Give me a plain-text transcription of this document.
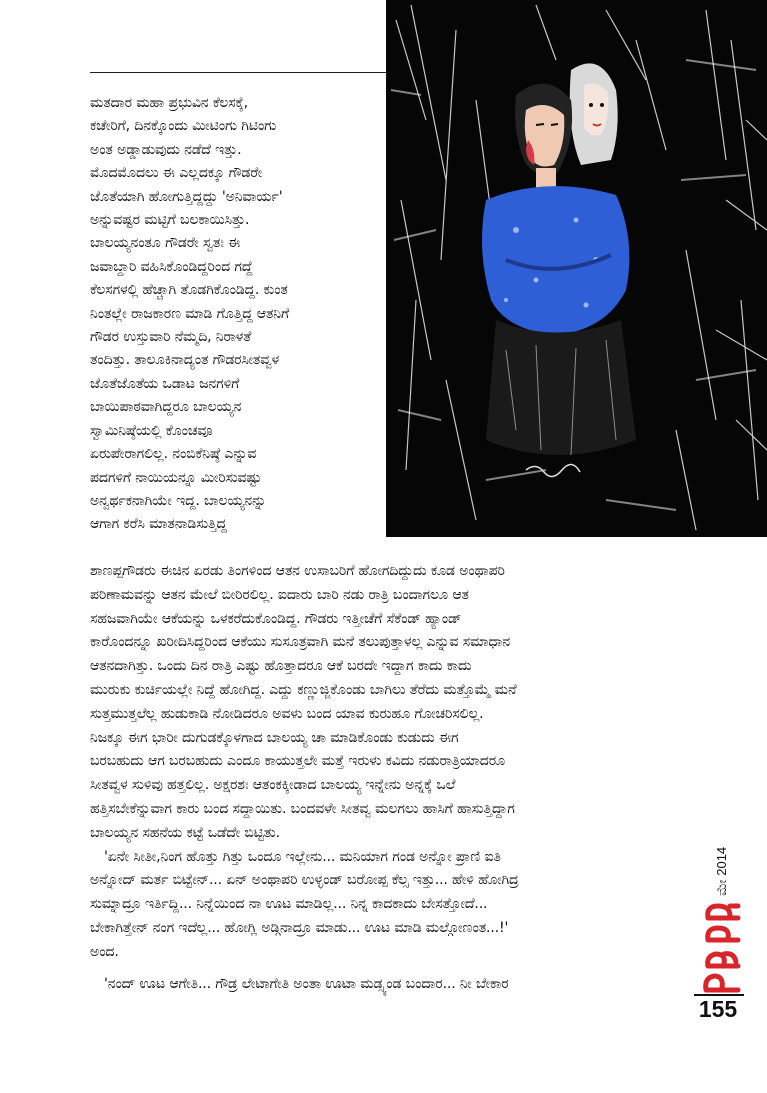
ಮತದಾರ ಮಹಾ ಪ್ರಭುವಿನ ಕೆಲಸಕ್ಕೆ,
ಕಚೇರಿಗೆ, ದಿನಕ್ಕೊಂದು ಮೀಟಿಂಗು ಗಿಟಿಂಗು
ಅಂತ ಅಡ್ಡಾಡುವುದು ನಡೆದೆ ಇತ್ತು.
ಮೊದಮೊದಲು ಈ ಎಲ್ಲದಕ್ಕೂ ಗೌಡರೇ
ಜೊತೆಯಾಗಿ ಹೋಗುತ್ತಿದ್ದದ್ದು 'ಅನಿವಾರ್ಯ'
ಅನ್ನುವಷ್ಟರ ಮಟ್ಟಿಗೆ ಬಲಕಾಯಿಸಿತ್ತು.
ಬಾಲಯ್ಯನಂತೂ ಗೌಡರೇ ಸ್ವತಃ ಈ
ಜವಾಬ್ದಾರಿ ವಹಿಸಿಕೊಂಡಿದ್ದರಿಂದ ಗದ್ದೆ
ಕೆಲಸಗಳಲ್ಲಿ ಹೆಚ್ಚಾಗಿ ತೊಡಗಿಕೊಂಡಿದ್ದ. ಕುಂತ
ನಿಂತಲ್ಲೇ ರಾಜಕಾರಣ ಮಾಡಿ ಗೊತ್ತಿದ್ದ ಆತನಿಗೆ
ಗೌಡರ ಉಸ್ತುವಾರಿ ನೆಮ್ಮದಿ, ನಿರಾಳತೆ
ತಂದಿತ್ತು. ತಾಲೂಕಿನಾದ್ಯಂತ ಗೌಡರಸೀತವ್ವಳ
ಜೊತೆಜೊತೆಯ ಒಡಾಟ ಜನಗಳಿಗೆ
ಬಾಯಿಪಾಠವಾಗಿದ್ದರೂ ಬಾಲಯ್ಯನ
ಸ್ವಾಮಿನಿಷ್ಠೆಯಲ್ಲಿ ಕೊಂಚವೂ
ಏರುಪೇರಾಗಲಿಲ್ಲ. ನಂಬಿಕೆನಿಷ್ಠೆ ಎನ್ನುವ
ಪದಗಳಿಗೆ ನಾಯಿಯನ್ನೂ ಮೀರಿಸುವಷ್ಟು
ಅನ್ವರ್ಥಕನಾಗಿಯೇ ಇದ್ದ. ಬಾಲಯ್ಯನನ್ನು
ಆಗಾಗ ಕರೆಸಿ ಮಾತನಾಡಿಸುತ್ತಿದ್ದ
ಶಾಣಪ್ಪಗೌಡರು ಈಚಿನ ಏರಡು ತಿಂಗಳಿಂದ ಆತನ ಉಸಾಬರಿಗೆ ಹೋಗದಿದ್ದುದು ಕೂಡ ಅಂಥಾಪರಿ
ಪರಿಣಾಮವನ್ನು ಆತನ ಮೇಲೆ ಬೀರಿರಲಿಲ್ಲ. ಐದಾರು ಬಾರಿ ನಡು ರಾತ್ರಿ ಬಂದಾಗಲೂ ಆತ
ಸಹಜವಾಗಿಯೇ ಆಕೆಯನ್ನು ಒಳಕರೆದುಕೊಂಡಿದ್ದ. ಗೌಡರು ಇತ್ತೀಚೆಗೆ ಸೆಕೆಂಡ್ ಹ್ಯಾಂಡ್
ಕಾರೊಂದನ್ನೂ ಖರೀದಿಸಿದ್ದರಿಂದ ಆಕೆಯು ಸುಸೂತ್ರವಾಗಿ ಮನೆ ತಲುಪುತ್ತಾಳಲ್ಲ ಎನ್ನುವ ಸಮಾಧಾನ
ಆತನದಾಗಿತ್ತು. ಒಂದು ದಿನ ರಾತ್ರಿ ಎಷ್ಟು ಹೊತ್ತಾದರೂ ಆಕೆ ಬರದೇ ಇದ್ದಾಗ ಕಾದು ಕಾದು
ಮುರುಕು ಕುರ್ಚಿಯಲ್ಲೇ ನಿದ್ದೆ ಹೋಗಿದ್ದ. ಎದ್ದು ಕಣ್ಣುಜ್ಜಿಕೊಂಡು ಬಾಗಿಲು ತೆರೆದು ಮತ್ತೊಮ್ಮೆ ಮನೆ
ಸುತ್ತಮುತ್ತಲೆಲ್ಲ ಹುಡುಕಾಡಿ ನೋಡಿದರೂ ಅವಳು ಬಂದ ಯಾವ ಕುರುಹೂ ಗೋಚರಿಸಲಿಲ್ಲ.
ನಿಜಕ್ಕೂ ಈಗ ಭಾರೀ ದುಗುಡಕ್ಕೊಳಗಾದ ಬಾಲಯ್ಯ ಚಾ ಮಾಡಿಕೊಂಡು ಕುಡುದು ಈಗ
ಬರಬಹುದು ಆಗ ಬರಬಹುದು ಎಂದೂ ಕಾಯುತ್ತಲೇ ಮತ್ತೆ ಇರುಳು ಕವಿದು ನಡುರಾತ್ರಿಯಾದರೂ
ಸೀತವ್ವಳ ಸುಳಿವು ಹತ್ತಲಿಲ್ಲ. ಅಕ್ಷರಶಃ ಆತಂಕಕ್ಕೀಡಾದ ಬಾಲಯ್ಯ ಇನ್ನೇನು ಅನ್ನಕ್ಕೆ ಒಲೆ
ಹತ್ತಿಸಬೇಕೆನ್ನುವಾಗ ಕಾರು ಬಂದ ಸದ್ದಾಯಿತು. ಬಂದವಳೇ ಸೀತವ್ವ ಮಲಗಲು ಹಾಸಿಗೆ ಹಾಸುತ್ತಿದ್ದಾಗ
ಬಾಲಯ್ಯನ ಸಹನೆಯ ಕಟ್ಟೆ ಒಡೆದೇ ಬಿಟ್ಟಿತು.
'ಏನೇ ಸೀತೀ,ನಿಂಗ ಹೊತ್ತು ಗಿತ್ತು ಒಂದೂ ಇಲ್ಲೇನು... ಮನಿಯಾಗ ಗಂಡ ಅನ್ನೋ ಪ್ರಾಣಿ ಐತಿ
ಅನ್ನೋದ್ ಮರ್ತ ಬಿಟ್ಟೇನ್... ಏನ್ ಅಂಥಾಪರಿ ಉಳ್ಳಂಡ್ ಬರೋಪ್ಪ ಕೆಲ್ಸ ಇತ್ತು... ಹೇಳಿ ಹೋಗಿದ್ರ
ಸುಮ್ನಾದ್ರೂ ಇರ್ತಿದ್ದಿ... ನಿನ್ನೆಯಿಂದ ನಾ ಊಟ ಮಾಡಿಲ್ಲ... ನಿನ್ನ ಕಾದಕಾದು ಬೇಸತ್ತೋದೆ...
ಬೇಕಾಗಿತ್ತೇನ್ ನಂಗ ಇದೆಲ್ಲ... ಹೋಗ್ಲಿ ಅಡ್ಗಿನಾದ್ರೂ ಮಾಡು... ಊಟ ಮಾಡಿ ಮಲ್ಗೋಣಂತ...!'
ಅಂದ.
'ನಂದ್ ಊಟ ಆಗೇತಿ... ಗೌಡ್ರ ಲೇಟಾಗೇತಿ ಅಂತಾ ಊಟಾ ಮಡ್ಸ್ಯಂಡ ಬಂದಾರ... ನೀ ಬೇಕಾರ
ಮೇ 2014
155
